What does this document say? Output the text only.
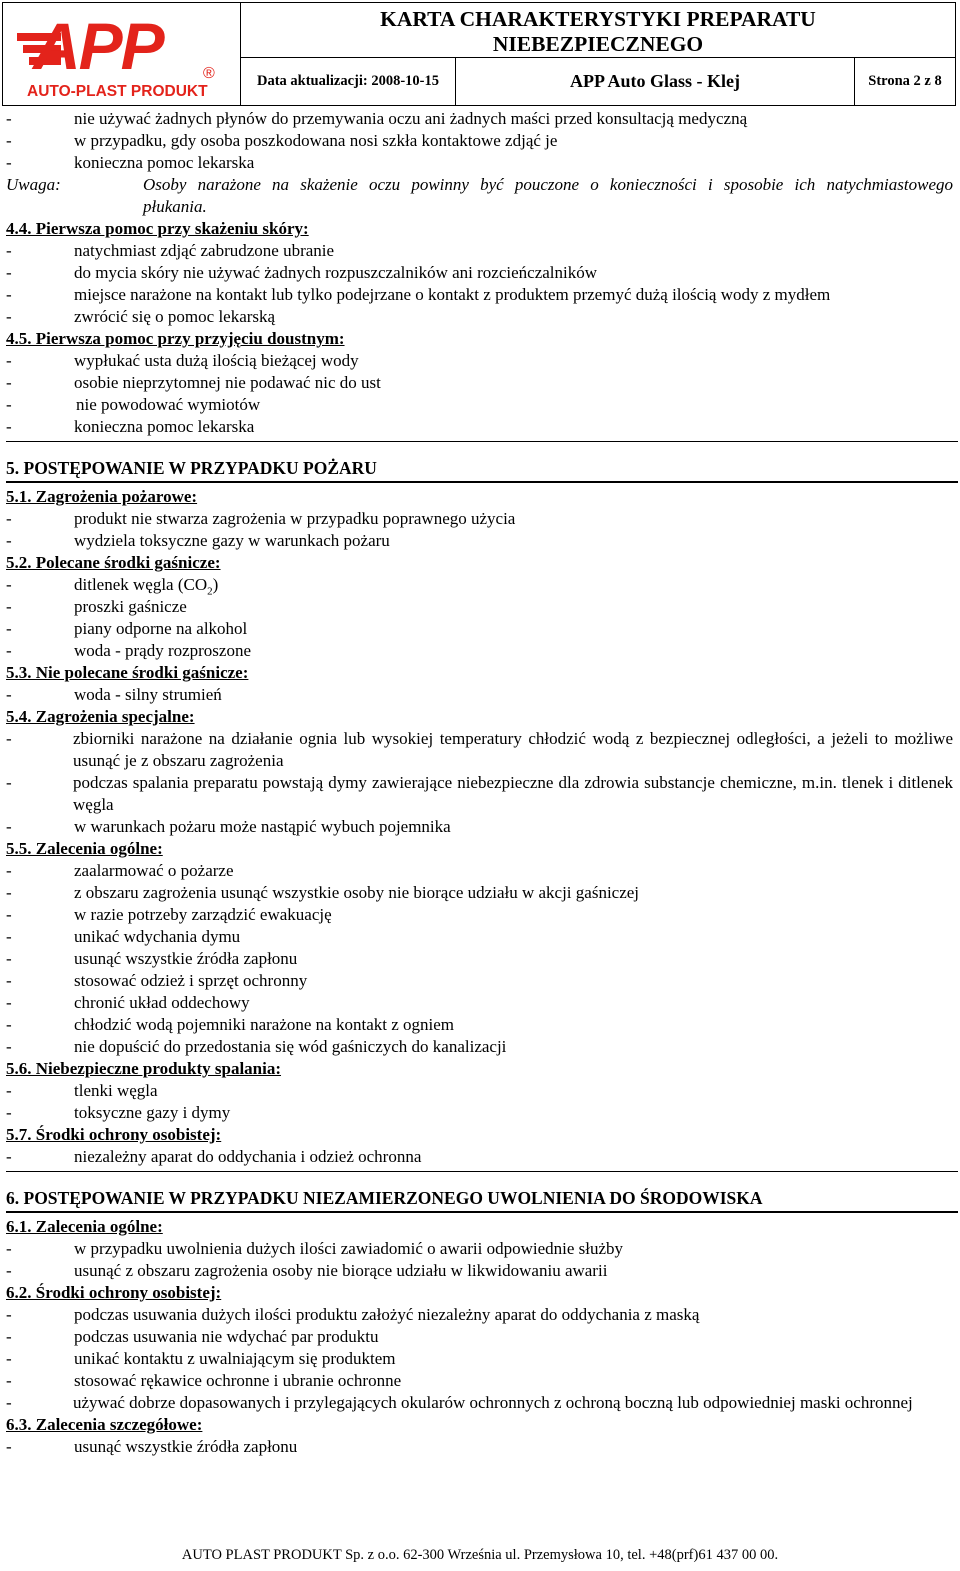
APP	®
AUTO-PLAST PRODUKT
KARTA CHARAKTERYSTYKI PREPARATU
NIEBEZPIECZNEGO
Data aktualizacji: 2008-10-15	APP Auto Glass - Klej	Strona 2 z 8
-	nie używać żadnych płynów do przemywania oczu ani żadnych maści przed konsultacją medyczną
-	w przypadku, gdy osoba poszkodowana nosi szkła kontaktowe zdjąć je
-	konieczna pomoc lekarska
Uwaga:	Osoby narażone na skażenie oczu powinny być pouczone o konieczności i sposobie ich natychmiastowego płukania.
4.4. Pierwsza pomoc przy skażeniu skóry:
-	natychmiast zdjąć zabrudzone ubranie
-	do mycia skóry nie używać żadnych rozpuszczalników ani rozcieńczalników
-	miejsce narażone na kontakt lub tylko podejrzane o kontakt z produktem przemyć dużą ilością wody z mydłem
-	zwrócić się o pomoc lekarską
4.5. Pierwsza pomoc przy przyjęciu doustnym:
-	wypłukać usta dużą ilością bieżącej wody
-	osobie nieprzytomnej nie podawać nic do ust
-	nie powodować wymiotów
-	konieczna pomoc lekarska
5. POSTĘPOWANIE W PRZYPADKU POŻARU
5.1. Zagrożenia pożarowe:
-	produkt nie stwarza zagrożenia w przypadku poprawnego użycia
-	wydziela toksyczne gazy w warunkach pożaru
5.2. Polecane środki gaśnicze:
-	ditlenek węgla $(CO_2)$
-	proszki gaśnicze
-	piany odporne na alkohol
-	woda - prądy rozproszone
5.3. Nie polecane środki gaśnicze:
-	woda - silny strumień
5.4. Zagrożenia specjalne:
-	zbiorniki narażone na działanie ognia lub wysokiej temperatury chłodzić wodą z bezpiecznej odległości, a jeżeli to możliwe usunąć je z obszaru zagrożenia
-	podczas spalania preparatu powstają dymy zawierające niebezpieczne dla zdrowia substancje chemiczne, m.in. tlenek i ditlenek węgla
-	w warunkach pożaru może nastąpić wybuch pojemnika
5.5. Zalecenia ogólne:
-	zaalarmować o pożarze
-	z obszaru zagrożenia usunąć wszystkie osoby nie biorące udziału w akcji gaśniczej
-	w razie potrzeby zarządzić ewakuację
-	unikać wdychania dymu
-	usunąć wszystkie źródła zapłonu
-	stosować odzież i sprzęt ochronny
-	chronić układ oddechowy
-	chłodzić wodą pojemniki narażone na kontakt z ogniem
-	nie dopuścić do przedostania się wód gaśniczych do kanalizacji
5.6. Niebezpieczne produkty spalania:
-	tlenki węgla
-	toksyczne gazy i dymy
5.7. Środki ochrony osobistej:
-	niezależny aparat do oddychania i odzież ochronna
6. POSTĘPOWANIE W PRZYPADKU NIEZAMIERZONEGO UWOLNIENIA DO ŚRODOWISKA
6.1. Zalecenia ogólne:
-	w przypadku uwolnienia dużych ilości zawiadomić o awarii odpowiednie służby
-	usunąć z obszaru zagrożenia osoby nie biorące udziału w likwidowaniu awarii
6.2. Środki ochrony osobistej:
-	podczas usuwania dużych ilości produktu założyć niezależny aparat do oddychania z maską
-	podczas usuwania nie wdychać par produktu
-	unikać kontaktu z uwalniającym się produktem
-	stosować rękawice ochronne i ubranie ochronne
-	używać dobrze dopasowanych i przylegających okularów ochronnych z ochroną boczną lub odpowiedniej maski ochronnej
6.3. Zalecenia szczegółowe:
-	usunąć wszystkie źródła zapłonu
AUTO PLAST PRODUKT Sp. z o.o. 62-300 Września ul. Przemysłowa 10, tel. +48(prf)61 437 00 00.
